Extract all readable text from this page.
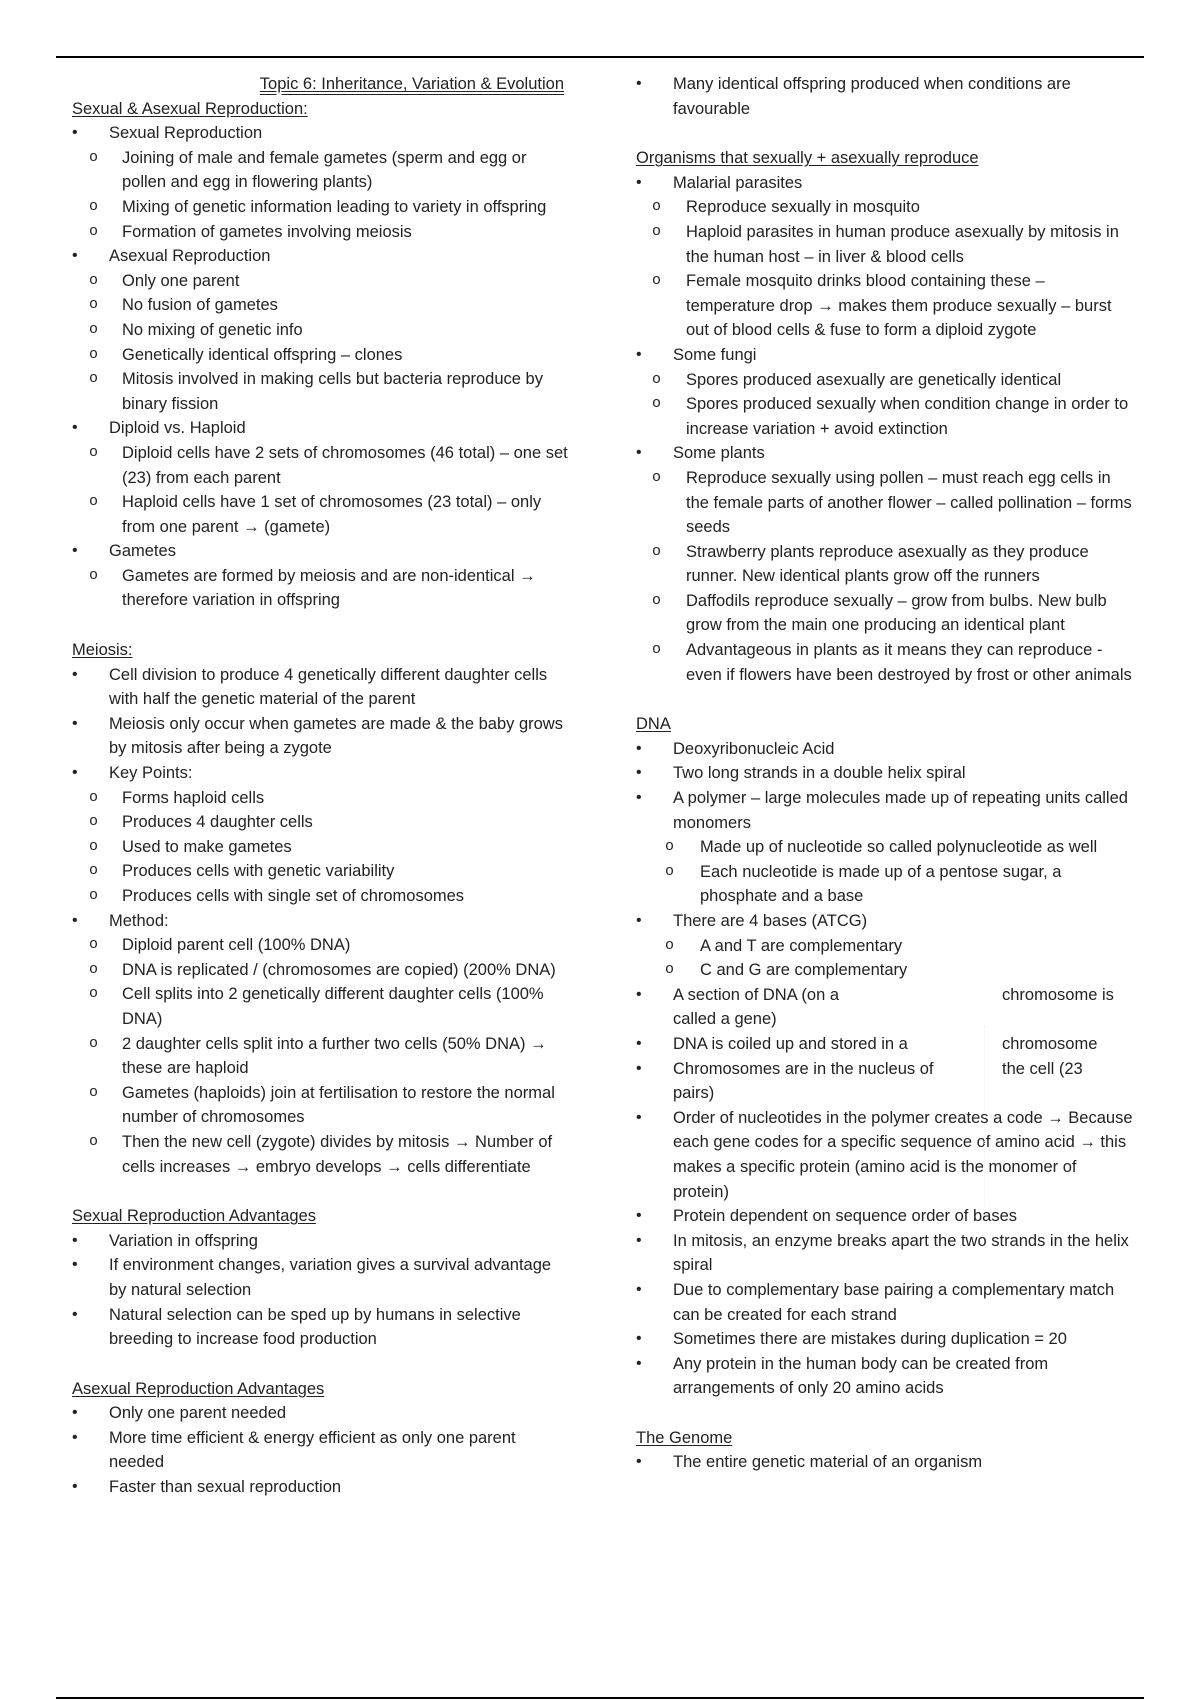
Topic 6: Inheritance, Variation & Evolution

Sexual & Asexual Reproduction:

• Sexual Reproduction
o Joining of male and female gametes (sperm and egg or pollen and egg in flowering plants)
o Mixing of genetic information leading to variety in offspring
o Formation of gametes involving meiosis
• Asexual Reproduction
o Only one parent
o No fusion of gametes
o No mixing of genetic info
o Genetically identical offspring – clones
o Mitosis involved in making cells but bacteria reproduce by binary fission
• Diploid vs. Haploid
o Diploid cells have 2 sets of chromosomes (46 total) – one set (23) from each parent
o Haploid cells have 1 set of chromosomes (23 total) – only from one parent → (gamete)
• Gametes
o Gametes are formed by meiosis and are non-identical → therefore variation in offspring

Meiosis:

• Cell division to produce 4 genetically different daughter cells with half the genetic material of the parent
• Meiosis only occur when gametes are made & the baby grows by mitosis after being a zygote
• Key Points:
o Forms haploid cells
o Produces 4 daughter cells
o Used to make gametes
o Produces cells with genetic variability
o Produces cells with single set of chromosomes
• Method:
o Diploid parent cell (100% DNA)
o DNA is replicated / (chromosomes are copied) (200% DNA)
o Cell splits into 2 genetically different daughter cells (100% DNA)
o 2 daughter cells split into a further two cells (50% DNA) → these are haploid
o Gametes (haploids) join at fertilisation to restore the normal number of chromosomes
o Then the new cell (zygote) divides by mitosis → Number of cells increases → embryo develops → cells differentiate

Sexual Reproduction Advantages

• Variation in offspring
• If environment changes, variation gives a survival advantage by natural selection
• Natural selection can be sped up by humans in selective breeding to increase food production

Asexual Reproduction Advantages

• Only one parent needed
• More time efficient & energy efficient as only one parent needed
• Faster than sexual reproduction
• Many identical offspring produced when conditions are favourable

Organisms that sexually + asexually reproduce

• Malarial parasites
o Reproduce sexually in mosquito
o Haploid parasites in human produce asexually by mitosis in the human host – in liver & blood cells
o Female mosquito drinks blood containing these – temperature drop → makes them produce sexually – burst out of blood cells & fuse to form a diploid zygote
• Some fungi
o Spores produced asexually are genetically identical
o Spores produced sexually when condition change in order to increase variation + avoid extinction
• Some plants
o Reproduce sexually using pollen – must reach egg cells in the female parts of another flower – called pollination – forms seeds
o Strawberry plants reproduce asexually as they produce runner. New identical plants grow off the runners
o Daffodils reproduce sexually – grow from bulbs. New bulb grow from the main one producing an identical plant
o Advantageous in plants as it means they can reproduce - even if flowers have been destroyed by frost or other animals

DNA

• Deoxyribonucleic Acid
• Two long strands in a double helix spiral
• A polymer – large molecules made up of repeating units called monomers
o Made up of nucleotide so called polynucleotide as well
o Each nucleotide is made up of a pentose sugar, a phosphate and a base
• There are 4 bases (ATCG)
o A and T are complementary
o C and G are complementary
• A section of DNA (on a	chromosome is
called a gene)
• DNA is coiled up and stored in a	chromosome
• Chromosomes are in the nucleus of	the cell (23
pairs)
• Order of nucleotides in the polymer creates a code → Because each gene codes for a specific sequence of amino acid → this makes a specific protein (amino acid is the monomer of protein)
• Protein dependent on sequence order of bases
• In mitosis, an enzyme breaks apart the two strands in the helix spiral
• Due to complementary base pairing a complementary match can be created for each strand
• Sometimes there are mistakes during duplication = 20
• Any protein in the human body can be created from arrangements of only 20 amino acids

The Genome

• The entire genetic material of an organism
